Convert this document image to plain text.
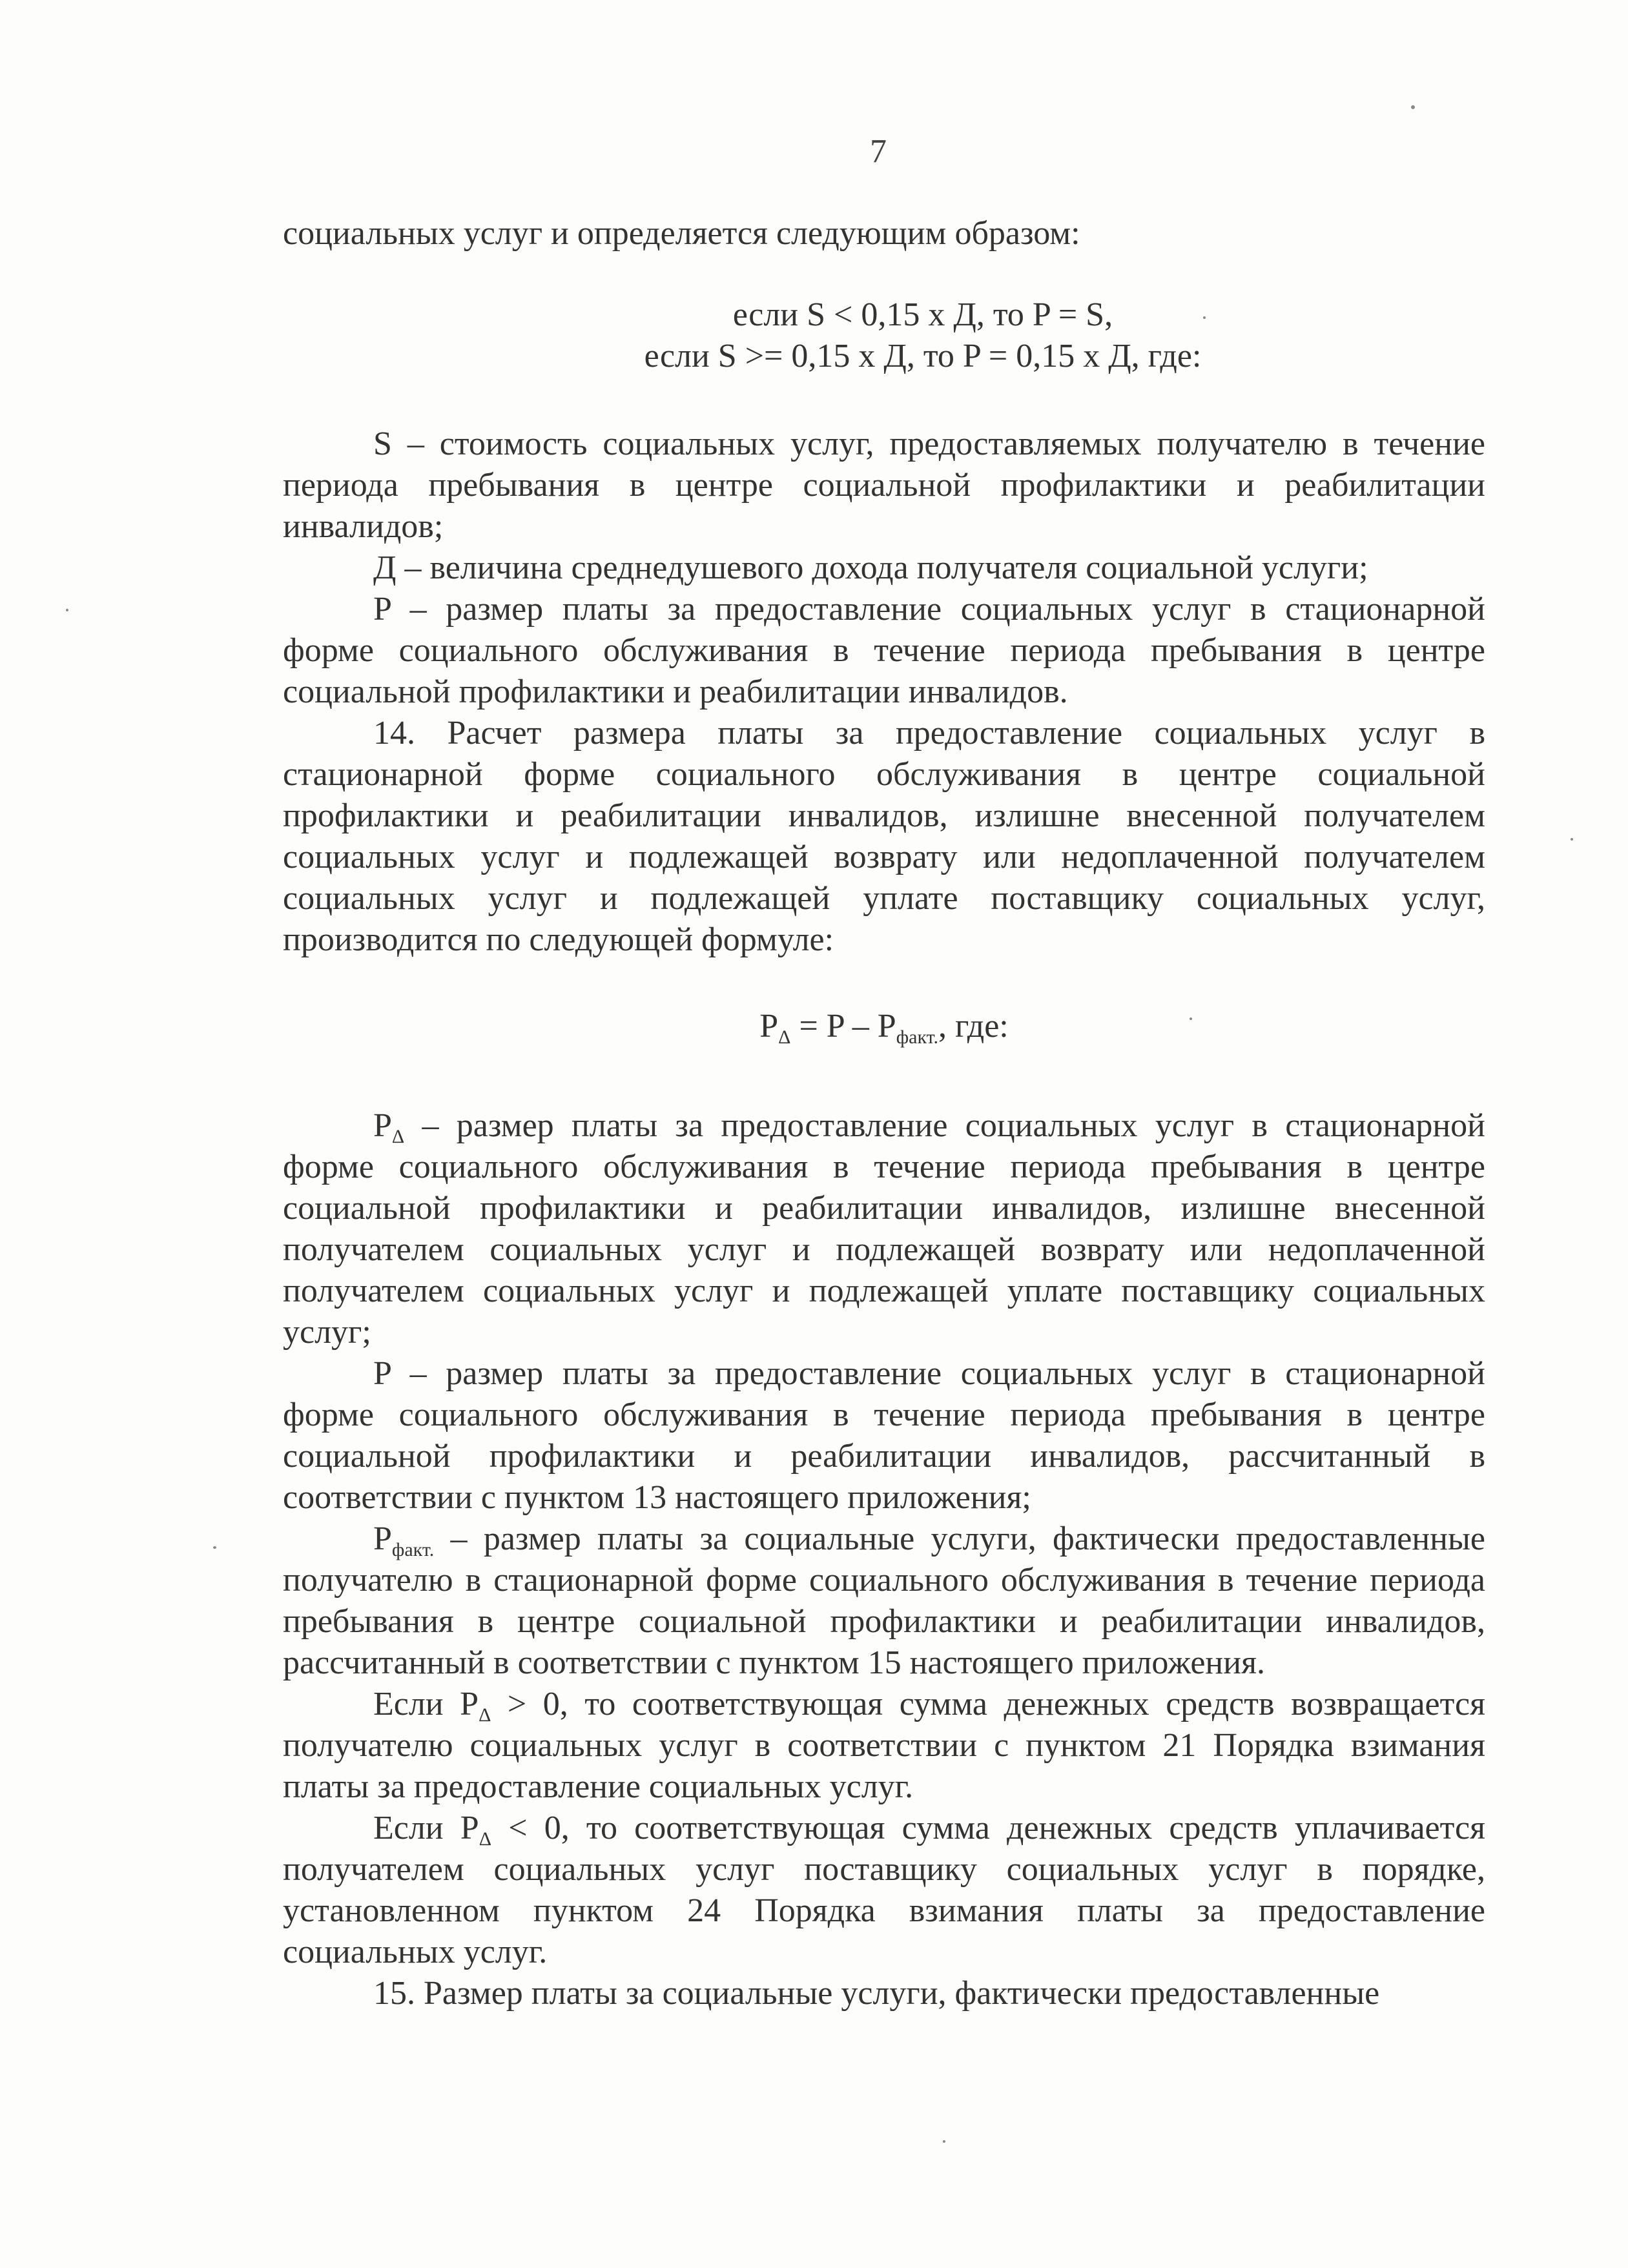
7

социальных услуг и определяется следующим образом:

если S < 0,15 х Д, то P = S,

если S >= 0,15 х Д, то P = 0,15 х Д, где:

S – стоимость социальных услуг, предоставляемых получателю в течение периода пребывания в центре социальной профилактики и реабилитации инвалидов;

Д – величина среднедушевого дохода получателя социальной услуги;

P – размер платы за предоставление социальных услуг в стационарной форме социального обслуживания в течение периода пребывания в центре социальной профилактики и реабилитации инвалидов.

14. Расчет размера платы за предоставление социальных услуг в стационарной форме социального обслуживания в центре социальной профилактики и реабилитации инвалидов, излишне внесенной получателем социальных услуг и подлежащей возврату или недоплаченной получателем социальных услуг и подлежащей уплате поставщику социальных услуг, производится по следующей формуле:

$P_\Delta = P - P_{факт.}$, где:

$P_\Delta$ – размер платы за предоставление социальных услуг в стационарной форме социального обслуживания в течение периода пребывания в центре социальной профилактики и реабилитации инвалидов, излишне внесенной получателем социальных услуг и подлежащей возврату или недоплаченной получателем социальных услуг и подлежащей уплате поставщику социальных услуг;

P – размер платы за предоставление социальных услуг в стационарной форме социального обслуживания в течение периода пребывания в центре социальной профилактики и реабилитации инвалидов, рассчитанный в соответствии с пунктом 13 настоящего приложения;

$P_{факт.}$ – размер платы за социальные услуги, фактически предоставленные получателю в стационарной форме социального обслуживания в течение периода пребывания в центре социальной профилактики и реабилитации инвалидов, рассчитанный в соответствии с пунктом 15 настоящего приложения.

Если $P_\Delta > 0$, то соответствующая сумма денежных средств возвращается получателю социальных услуг в соответствии с пунктом 21 Порядка взимания платы за предоставление социальных услуг.

Если $P_\Delta < 0$, то соответствующая сумма денежных средств уплачивается получателем социальных услуг поставщику социальных услуг в порядке, установленном пунктом 24 Порядка взимания платы за предоставление социальных услуг.

15. Размер платы за социальные услуги, фактически предоставленные
